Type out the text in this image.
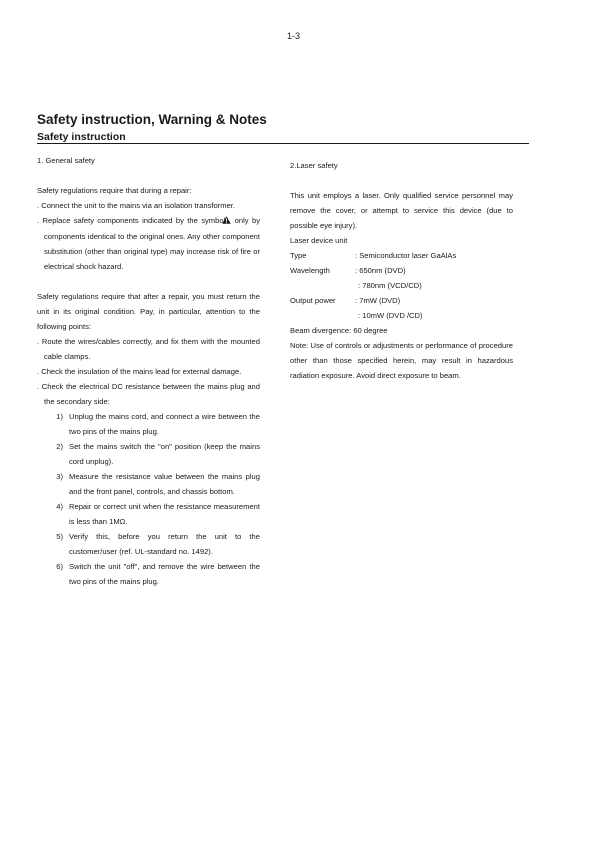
1-3
Safety instruction, Warning & Notes
Safety instruction

1. General safety

Safety regulations require that during a repair:

. Connect the unit to the mains via an isolation transformer.

. Replace safety components indicated by the symbol only by components identical to the original ones. Any other component substitution (other than original type) may increase risk of fire or electrical shock hazard.

Safety regulations require that after a repair, you must return the unit in its original condition. Pay, in particular, attention to the following points:

. Route the wires/cables correctly, and fix them with the mounted cable clamps.

. Check the insulation of the mains lead for external damage.

. Check the electrical DC resistance between the mains plug and the secondary side:

1) Unplug the mains cord, and connect a wire between the two pins of the mains plug.
2) Set the mains switch the "on" position (keep the mains cord unplug).
3) Measure the resistance value between the mains plug and the front panel, controls, and chassis bottom.
4) Repair or correct unit when the resistance measurement is less than 1MΩ.
5) Verify this, before you return the unit to the customer/user (ref. UL-standard no. 1492).
6) Switch the unit "off", and remove the wire between the two pins of the mains plug.

2.Laser safety

This unit employs a laser. Only qualified service personnel may remove the cover, or attempt to service this device (due to possible eye injury).

Laser device unit

Type	: Semiconductor laser GaAlAs
Wavelength	: 650nm (DVD)
: 780nm (VCD/CD)
Output power	: 7mW (DVD)
: 10mW (DVD /CD)

Beam divergence: 60 degree

Note: Use of controls or adjustments or performance of procedure other than those specified herein, may result in hazardous radiation exposure. Avoid direct exposure to beam.
